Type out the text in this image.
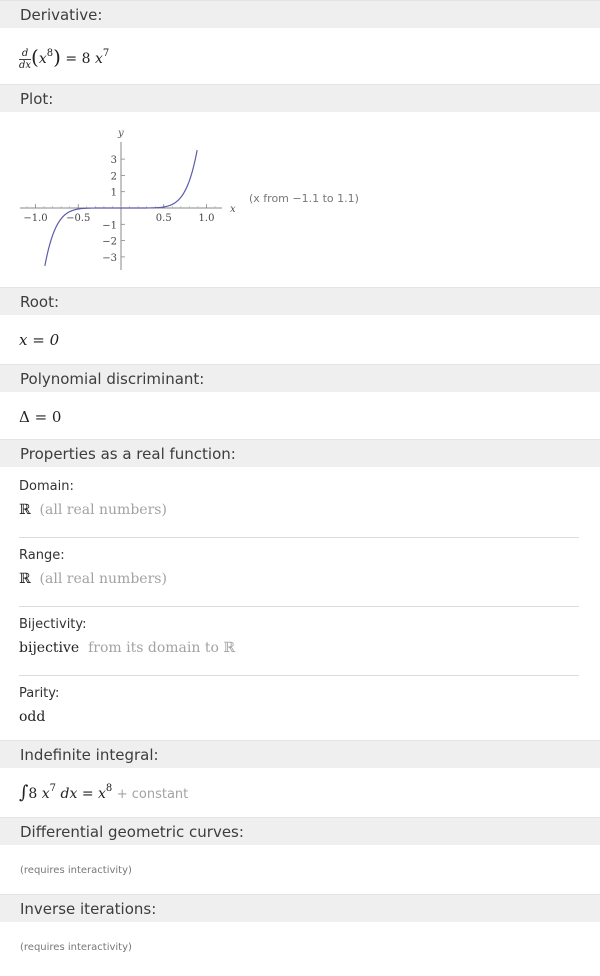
Derivative:
$\frac{d}{dx} (x^8) = 8$ $x^7$
Plot:
−1.0 −0.5	0.5	1.0
3
2
1
−1
−2
−3
x
y
(x from −1.1 to 1.1)
Root:
x = 0
Polynomial discriminant:
Δ = 0
Properties as a real function:
Domain:
ℝ (all real numbers)
Range:
ℝ (all real numbers)
Bijectivity:
bijective from its domain to ℝ
Parity:
odd
Indefinite integral:
∫8 $x^7$ dx = $x^8$ + constant
Differential geometric curves:
(requires interactivity)
Inverse iterations:
(requires interactivity)
